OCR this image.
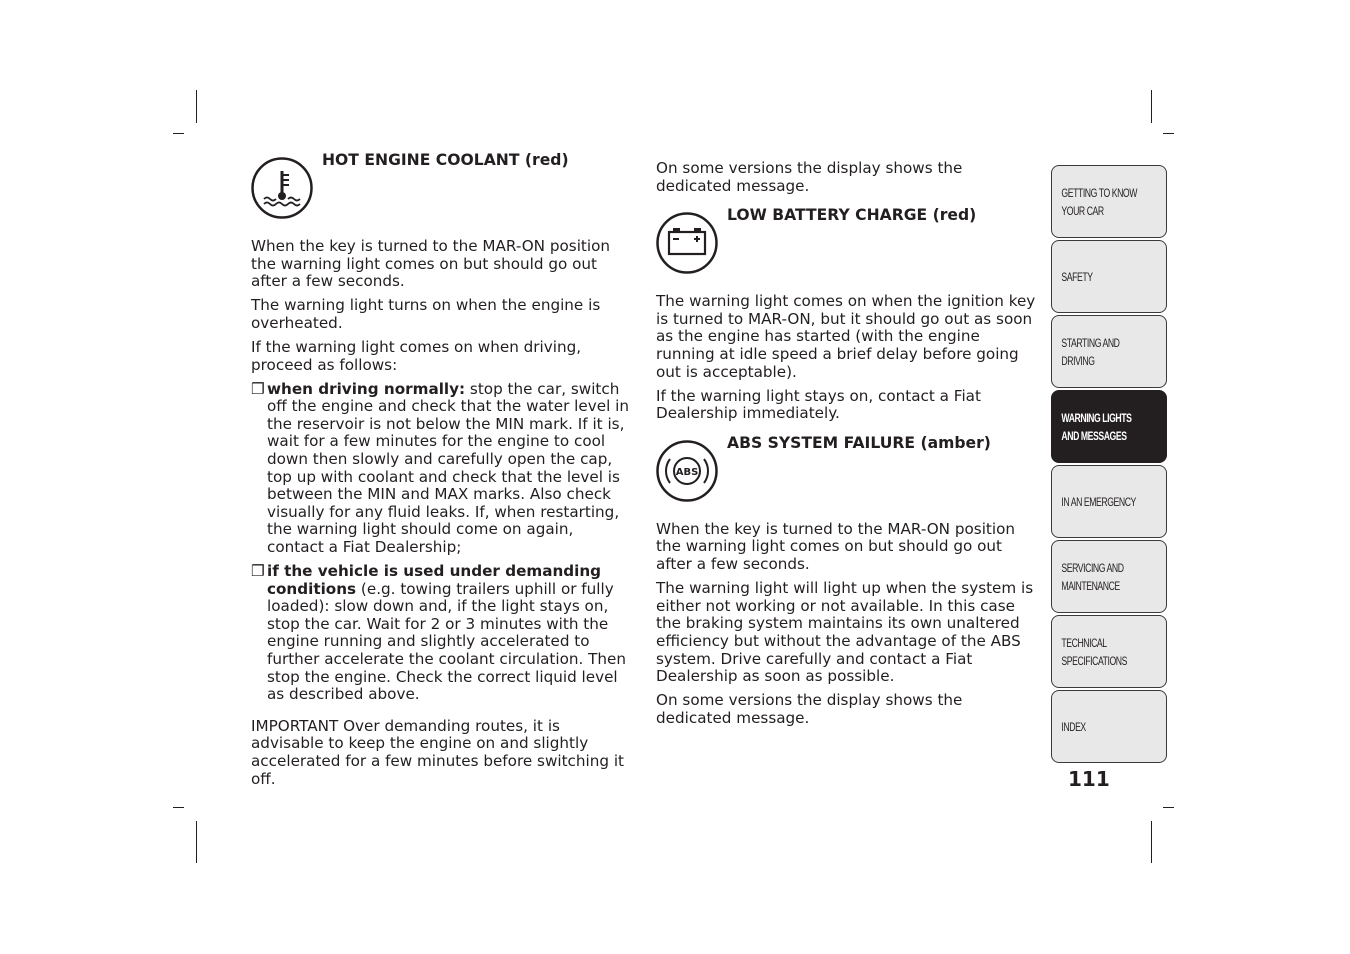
HOT ENGINE COOLANT (red)

When the key is turned to the MAR-ON position the warning light comes on but should go out after a few seconds.

The warning light turns on when the engine is overheated.

If the warning light comes on when driving, proceed as follows:

❒ when driving normally: stop the car, switch off the engine and check that the water level in the reservoir is not below the MIN mark. If it is, wait for a few minutes for the engine to cool down then slowly and carefully open the cap, top up with coolant and check that the level is between the MIN and MAX marks. Also check visually for any fluid leaks. If, when restarting, the warning light should come on again, contact a Fiat Dealership;
❒ if the vehicle is used under demanding conditions (e.g. towing trailers uphill or fully loaded): slow down and, if the light stays on, stop the car. Wait for 2 or 3 minutes with the engine running and slightly accelerated to further accelerate the coolant circulation. Then stop the engine. Check the correct liquid level as described above.

IMPORTANT Over demanding routes, it is advisable to keep the engine on and slightly accelerated for a few minutes before switching it off.

On some versions the display shows the dedicated message.

LOW BATTERY CHARGE (red)

The warning light comes on when the ignition key is turned to MAR-ON, but it should go out as soon as the engine has started (with the engine running at idle speed a brief delay before going out is acceptable).

If the warning light stays on, contact a Fiat Dealership immediately.

ABS
ABS SYSTEM FAILURE (amber)

When the key is turned to the MAR-ON position the warning light comes on but should go out after a few seconds.

The warning light will light up when the system is either not working or not available. In this case the braking system maintains its own unaltered efficiency but without the advantage of the ABS system. Drive carefully and contact a Fiat Dealership as soon as possible.

On some versions the display shows the dedicated message.

GETTING TO KNOW
YOUR CAR
SAFETY
STARTING AND
DRIVING
WARNING LIGHTS
AND MESSAGES
IN AN EMERGENCY
SERVICING AND
MAINTENANCE
TECHNICAL
SPECIFICATIONS
INDEX
111
